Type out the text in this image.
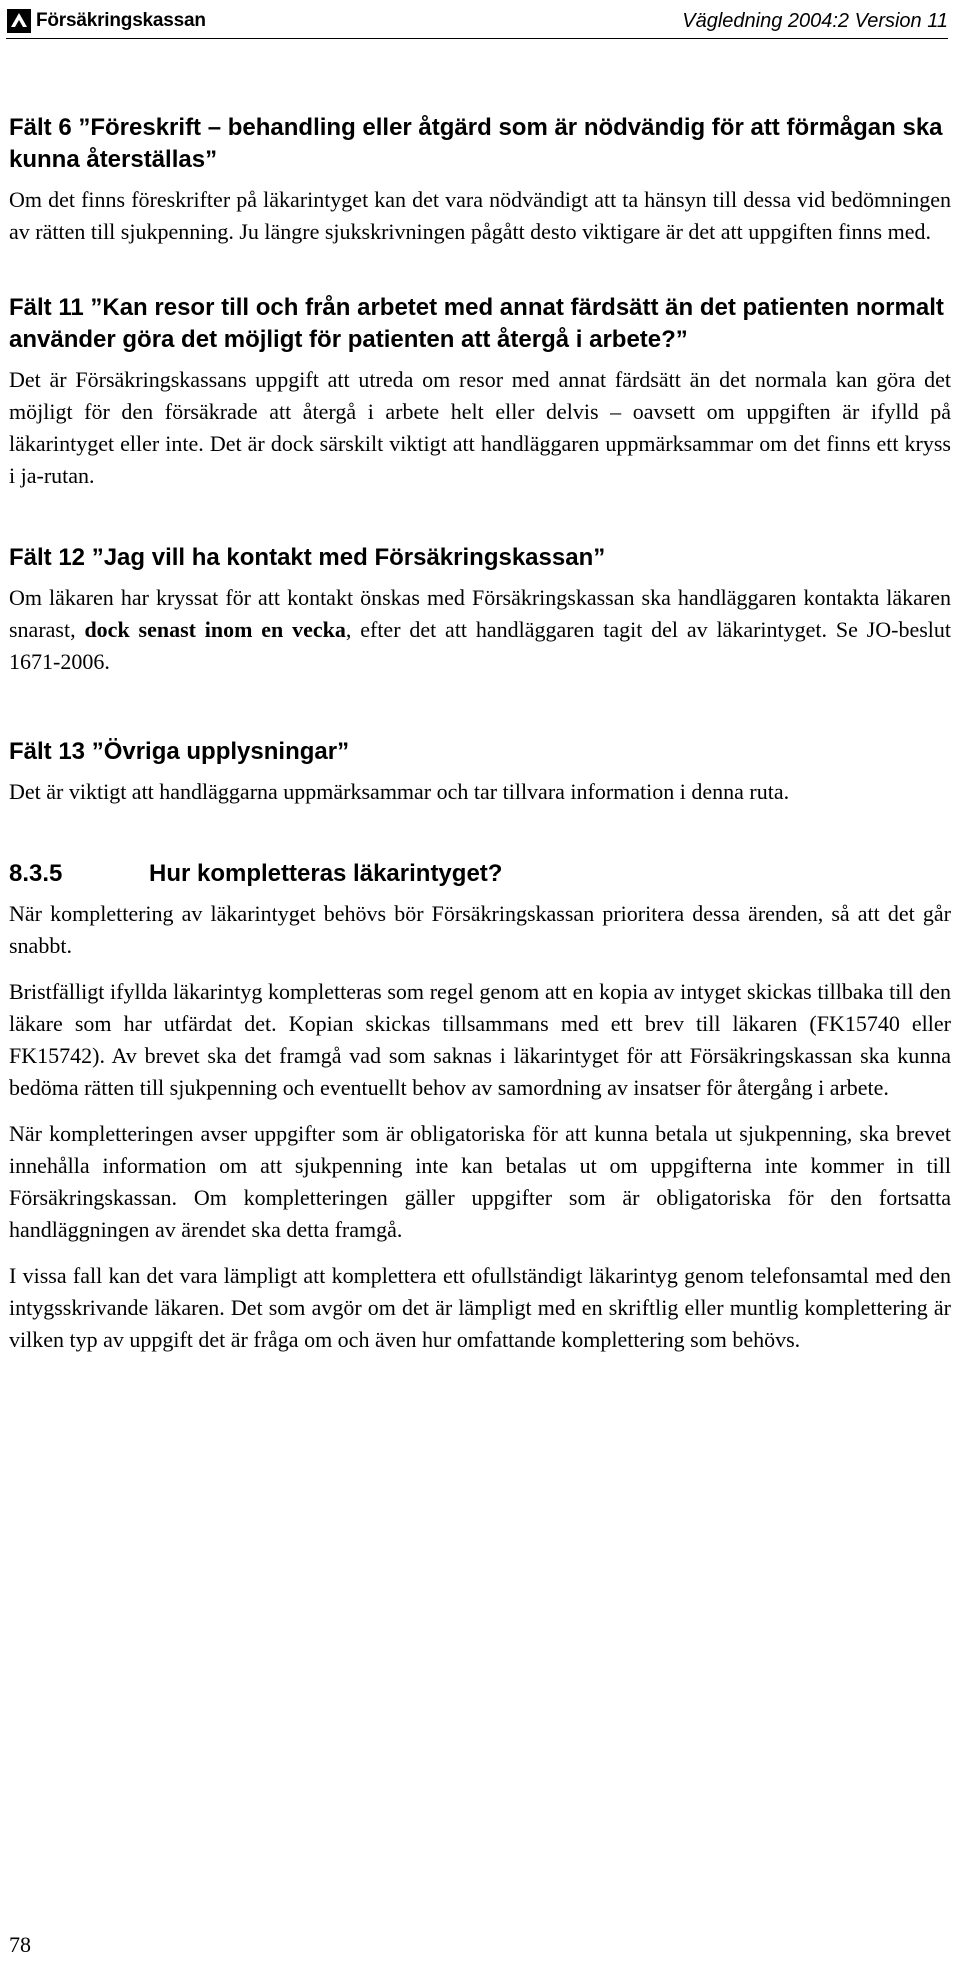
Försäkringskassan	Vägledning 2004:2 Version 11
Fält 6 ”Föreskrift – behandling eller åtgärd som är nödvändig för att förmågan ska kunna återställas”

Om det finns föreskrifter på läkarintyget kan det vara nödvändigt att ta hänsyn till dessa vid bedömningen av rätten till sjukpenning. Ju längre sjukskrivningen pågått desto viktigare är det att uppgiften finns med.

Fält 11 ”Kan resor till och från arbetet med annat färdsätt än det patienten normalt använder göra det möjligt för patienten att återgå i arbete?”

Det är Försäkringskassans uppgift att utreda om resor med annat färdsätt än det normala kan göra det möjligt för den försäkrade att återgå i arbete helt eller delvis – oavsett om uppgiften är ifylld på läkarintyget eller inte. Det är dock särskilt viktigt att handläggaren uppmärksammar om det finns ett kryss i ja-rutan.

Fält 12 ”Jag vill ha kontakt med Försäkringskassan”

Om läkaren har kryssat för att kontakt önskas med Försäkringskassan ska handläggaren kontakta läkaren snarast, dock senast inom en vecka, efter det att handläggaren tagit del av läkarintyget. Se JO-beslut 1671-2006.

Fält 13 ”Övriga upplysningar”

Det är viktigt att handläggarna uppmärksammar och tar tillvara information i denna ruta.

8.3.5	Hur kompletteras läkarintyget?

När komplettering av läkarintyget behövs bör Försäkringskassan prioritera dessa ärenden, så att det går snabbt.

Bristfälligt ifyllda läkarintyg kompletteras som regel genom att en kopia av intyget skickas tillbaka till den läkare som har utfärdat det. Kopian skickas tillsammans med ett brev till läkaren (FK15740 eller FK15742). Av brevet ska det framgå vad som saknas i läkarintyget för att Försäkringskassan ska kunna bedöma rätten till sjukpenning och eventuellt behov av samordning av insatser för återgång i arbete.

När kompletteringen avser uppgifter som är obligatoriska för att kunna betala ut sjukpenning, ska brevet innehålla information om att sjukpenning inte kan betalas ut om uppgifterna inte kommer in till Försäkringskassan. Om kompletteringen gäller uppgifter som är obligatoriska för den fortsatta handläggningen av ärendet ska detta framgå.

I vissa fall kan det vara lämpligt att komplettera ett ofullständigt läkarintyg genom telefonsamtal med den intygsskrivande läkaren. Det som avgör om det är lämpligt med en skriftlig eller muntlig komplettering är vilken typ av uppgift det är fråga om och även hur omfattande komplettering som behövs.

78
